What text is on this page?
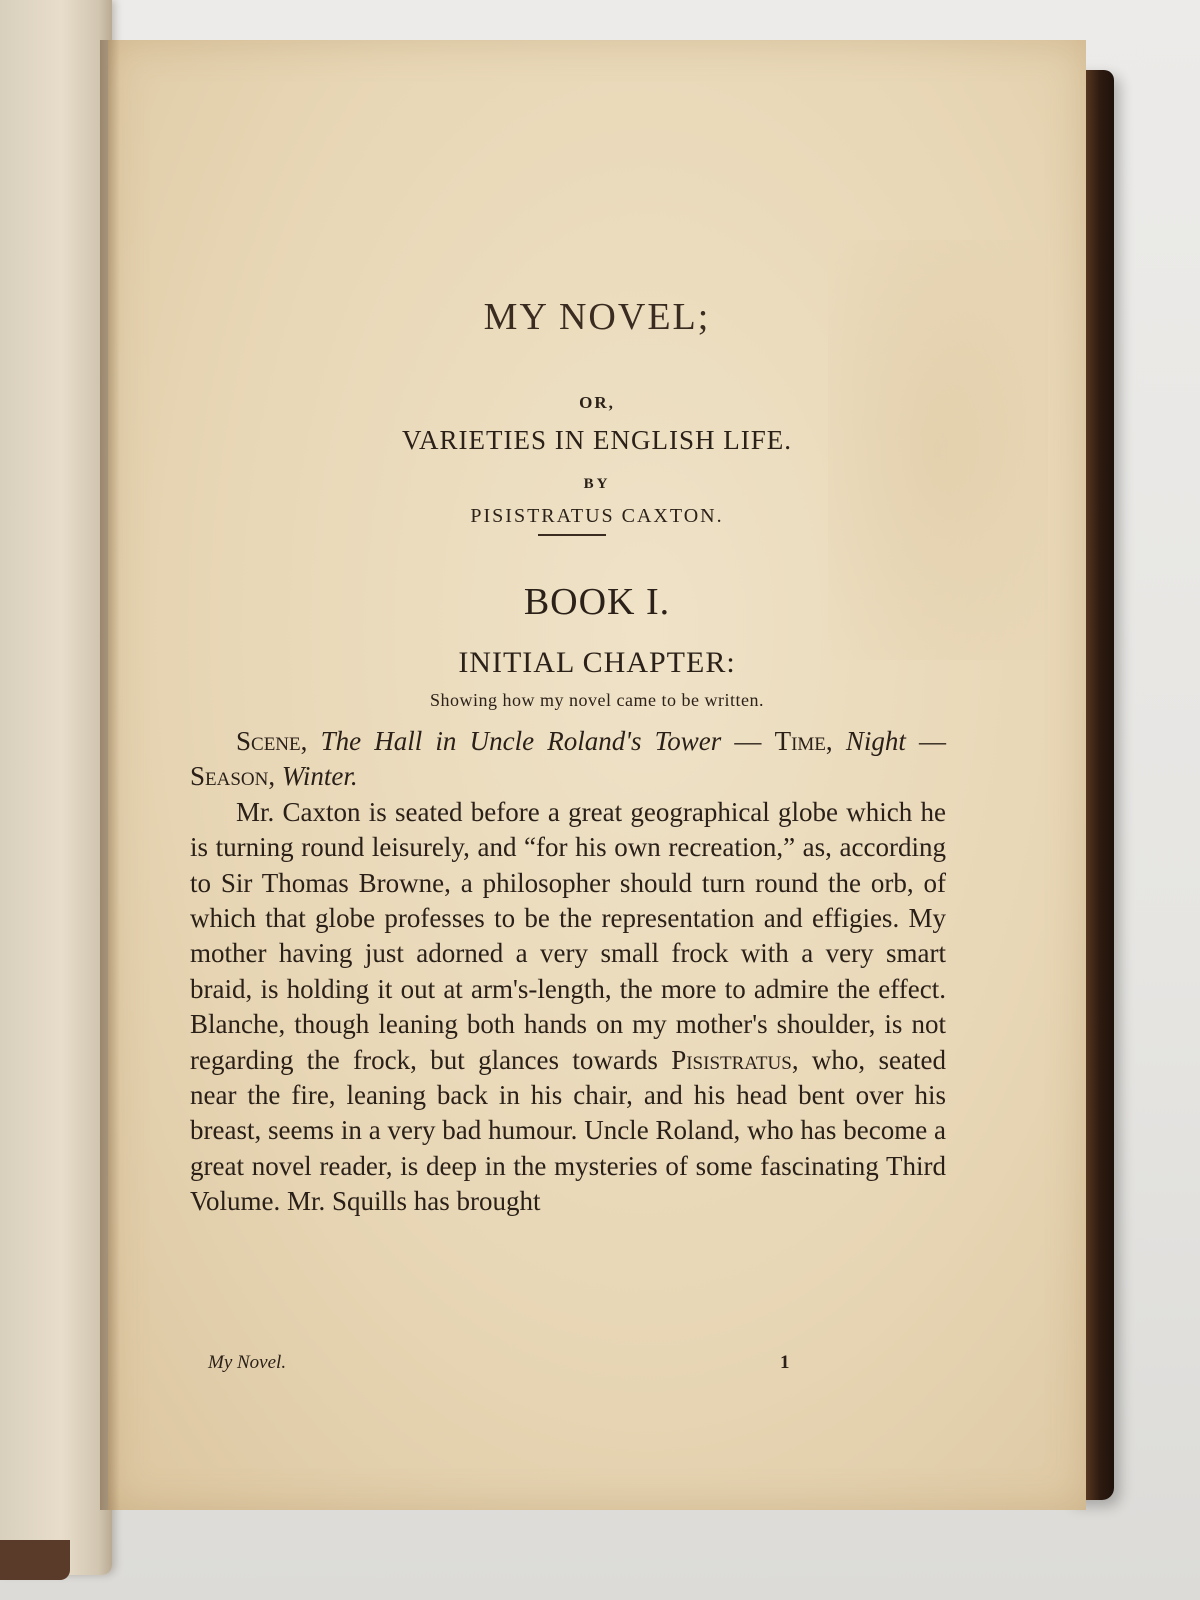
MY NOVEL;
OR,
VARIETIES IN ENGLISH LIFE.
BY
PISISTRATUS CAXTON.
BOOK I.
INITIAL CHAPTER:
Showing how my novel came to be written.

Scene, The Hall in Uncle Roland's Tower — Time, Night — Season, Winter.

Mr. Caxton is seated before a great geographical globe which he is turning round leisurely, and “for his own recreation,” as, according to Sir Thomas Browne, a philosopher should turn round the orb, of which that globe professes to be the representation and effigies. My mother having just adorned a very small frock with a very smart braid, is holding it out at arm's-length, the more to admire the effect. Blanche, though leaning both hands on my mother's shoulder, is not regarding the frock, but glances towards Pisistratus, who, seated near the fire, leaning back in his chair, and his head bent over his breast, seems in a very bad humour. Uncle Roland, who has become a great novel reader, is deep in the mysteries of some fascinating Third Volume. Mr. Squills has brought

My Novel.	1
